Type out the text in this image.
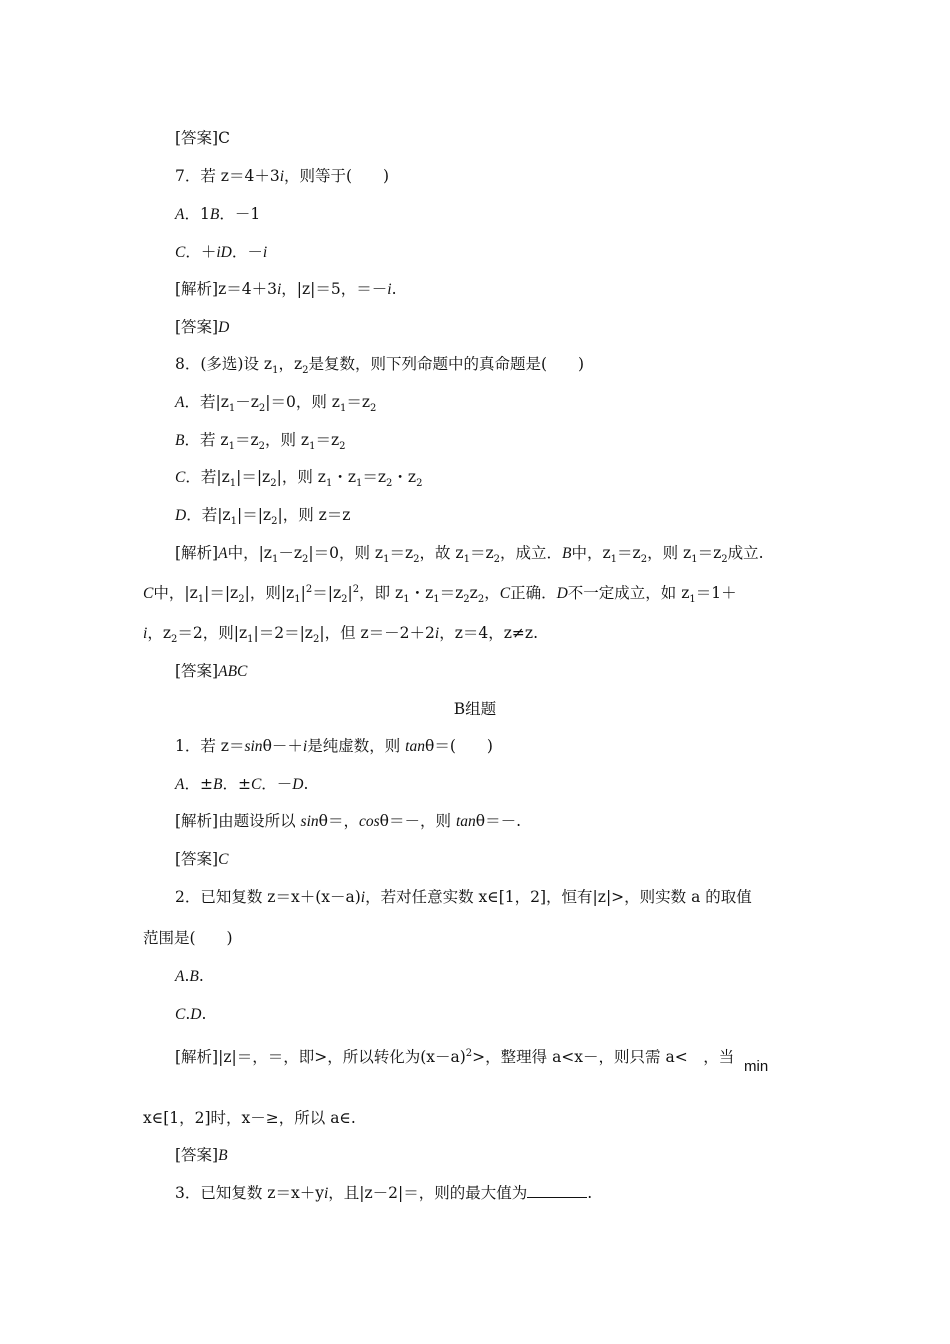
[答案]C
7．若 z＝4＋3i，则等于(　　)
A．1B．－1
C．＋iD．－i
[解析]z＝4＋3i，|z|＝5，＝－i.
[答案]D
8．(多选)设 $z_1$，$z_2$是复数，则下列命题中的真命题是(　　)
A．若$|z_1-z_2|=0$，则 $z_1=z_2$
B．若 $z_1=z_2$，则 $z_1=z_2$
C．若$|z_1|=|z_2|$，则 $z_1$・$z_1=z_2$・$z_2$
D．若$|z_1|=|z_2|$，则 z＝z
[解析]A中，$|z_1-z_2|=0$，则 $z_1=z_2$，故 $z_1=z_2$，成立．B中，$z_1=z_2$，则 $z_1=z_2$成立.
C中，$|z_1|=|z_2|$，则$|z_1|^2=|z_2|^2$，即 $z_1$・$z_1=z_2z_2$，C正确．D不一定成立，如 $z_1=1+$
i，$z_2=2$，则$|z_1|=2=|z_2|$，但 z＝－2＋2i，z＝4，z≠z.
[答案]ABC
B组题
1．若 z＝sinθ－＋i是纯虚数，则 tanθ＝(　　)
A．±B．±C．－D.
[解析]由题设所以 sinθ＝，cosθ＝－，则 tanθ＝－.
[答案]C
2．已知复数 z＝x＋(x－a)i，若对任意实数 x∈[1，2]，恒有|z|>，则实数 a 的取值
范围是(　　)
A.B.
C.D.
[解析]|z|＝，＝，即>，所以转化为$(x-a)^2>$，整理得 a<x－，则只需 a<　，当
min
x∈[1，2]时，x－≥，所以 a∈.
[答案]B
3．已知复数 z＝x＋yi，且|z－2|＝，则的最大值为	.
